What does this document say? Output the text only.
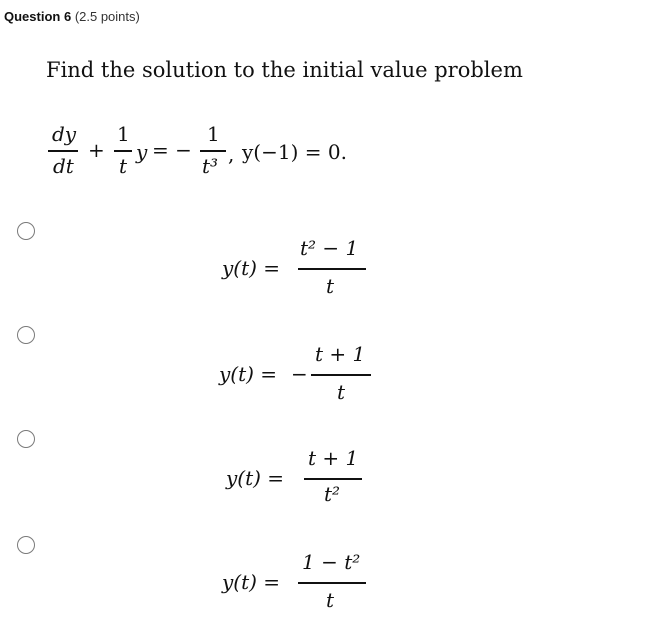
Question 6 (2.5 points)
Find the solution to the initial value problem
dy
dt
+
1
t
y = −
1
t³ , y(−1) = 0.
y(t) =
t² − 1
t
y(t) = −
t + 1
t
y(t) =
t + 1
t²
y(t) =
1 − t²
t
